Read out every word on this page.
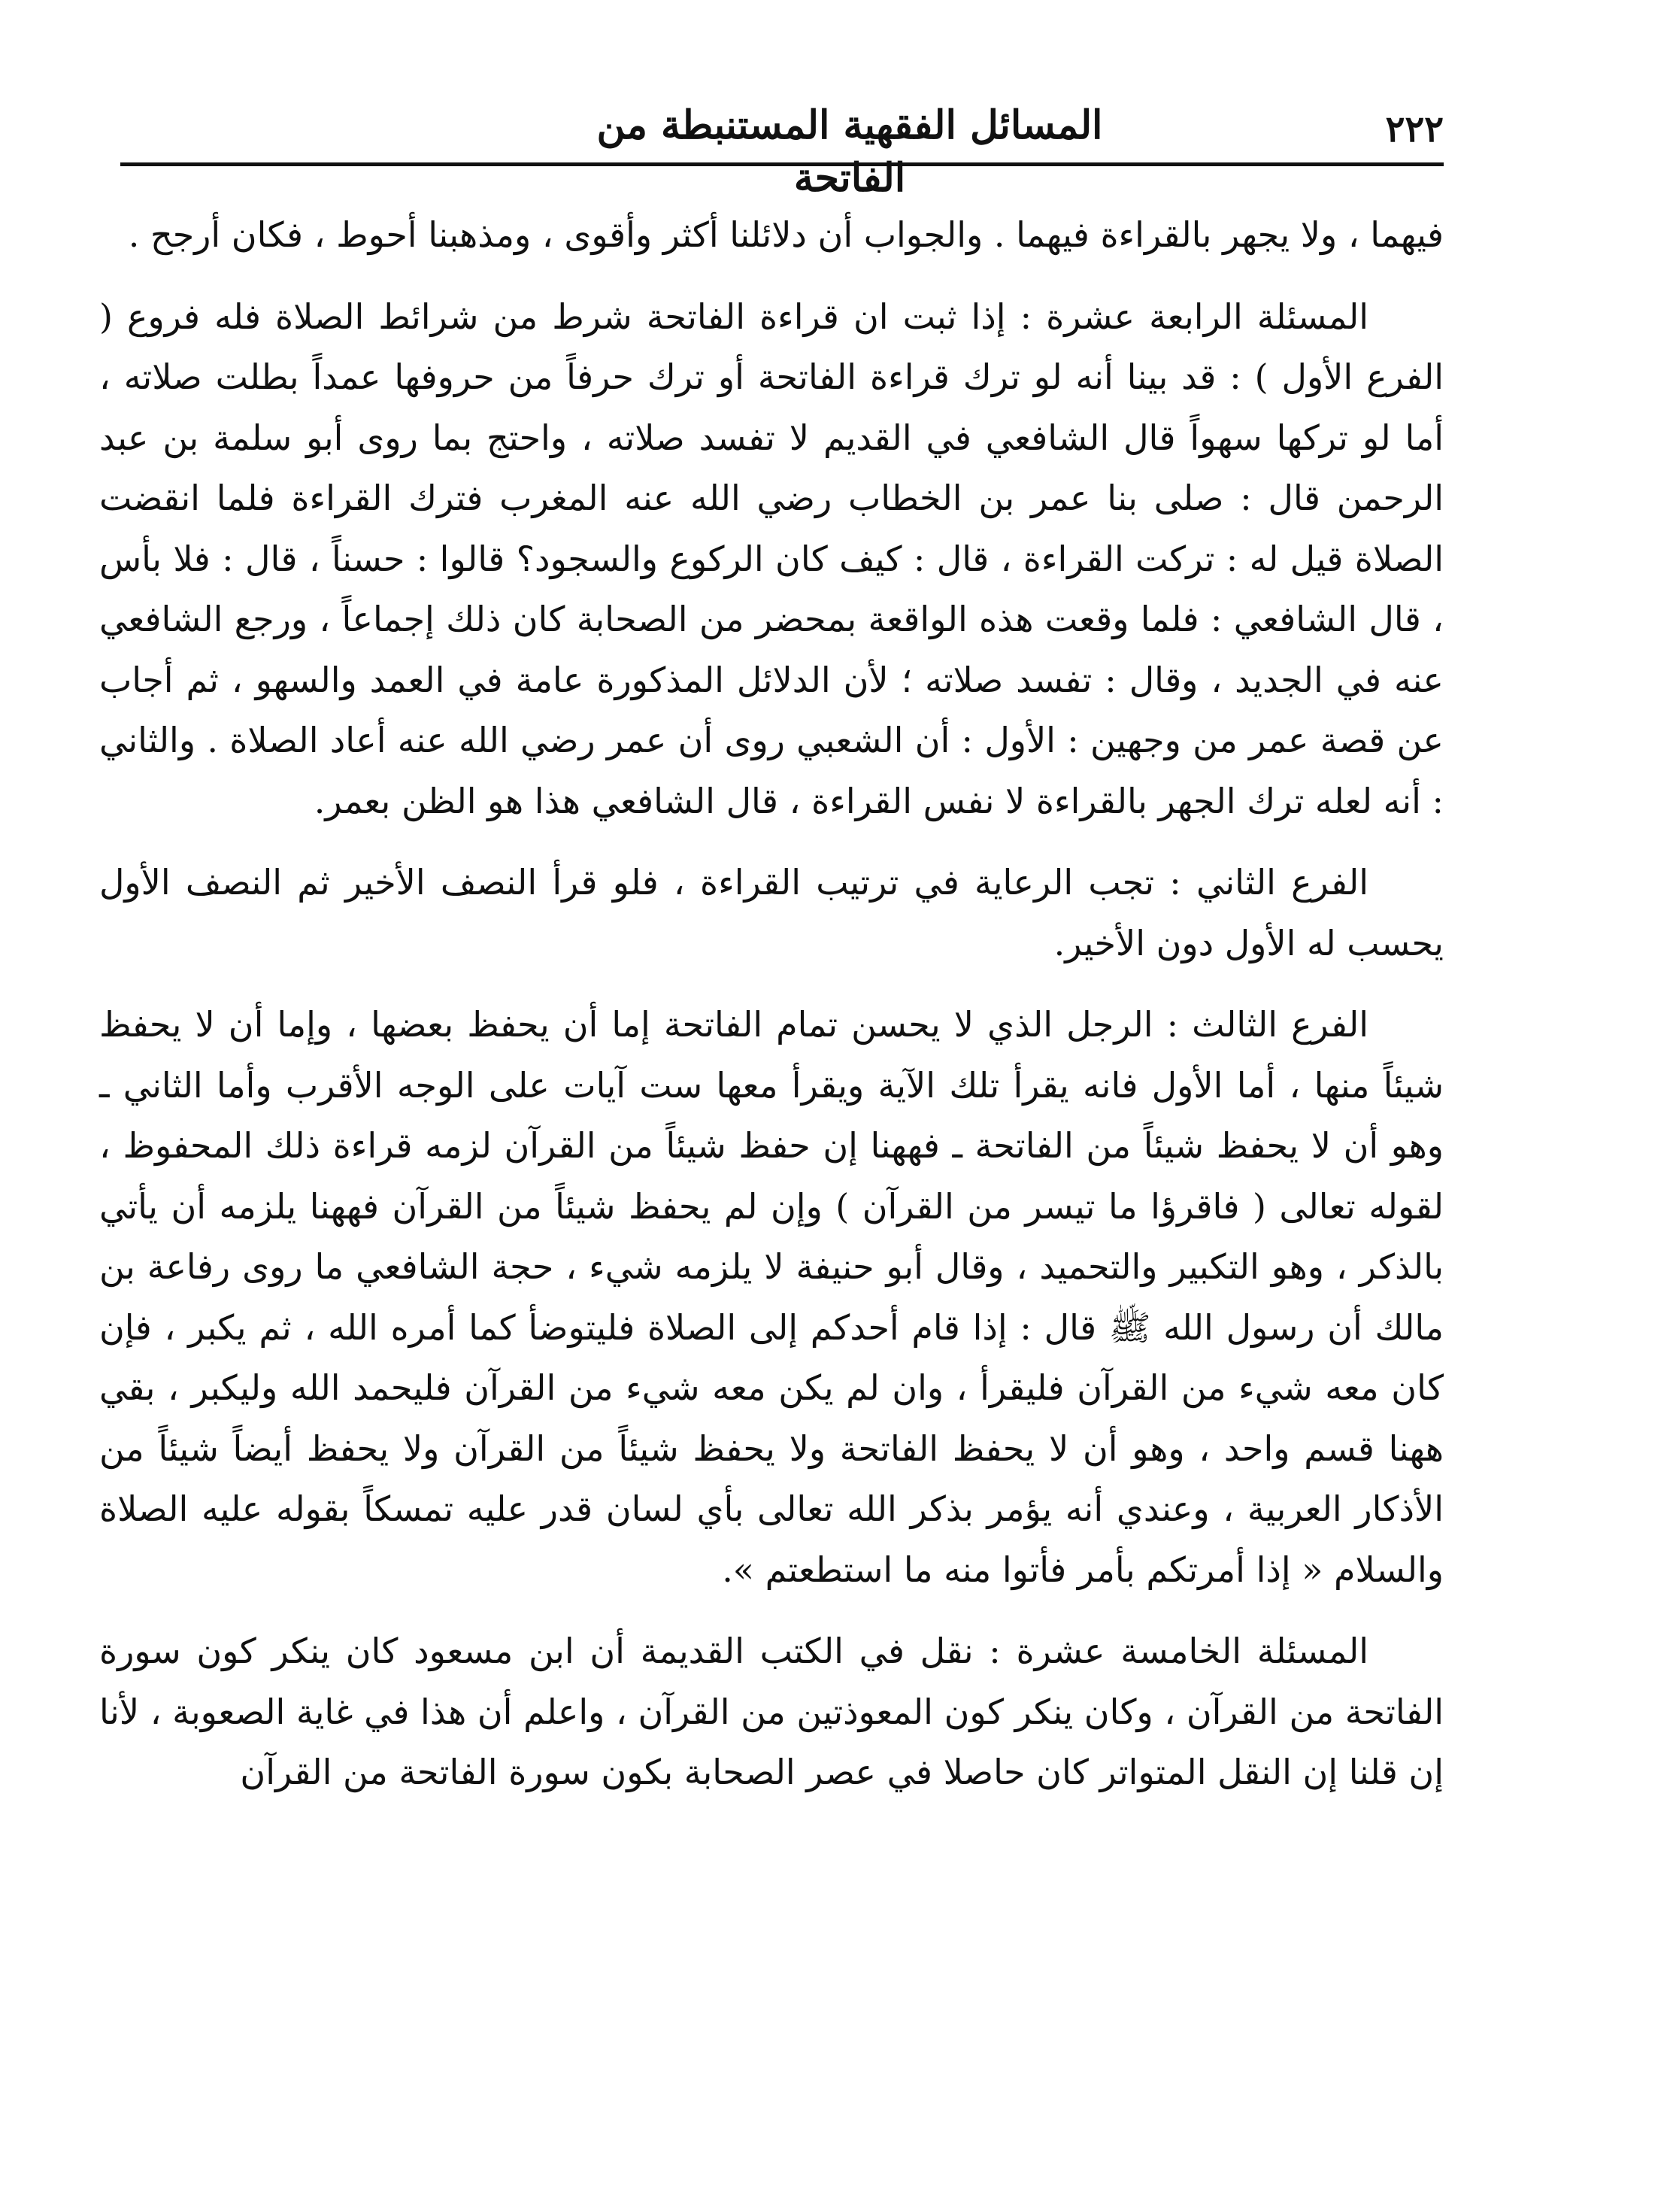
٢٢٢
المسائل الفقهية المستنبطة من الفاتحة

فيهما ، ولا يجهر بالقراءة فيهما . والجواب أن دلائلنا أكثر وأقوى ، ومذهبنا أحوط ، فكان أرجح .

المسئلة الرابعة عشرة : إذا ثبت ان قراءة الفاتحة شرط من شرائط الصلاة فله فروع ( الفرع الأول ) : قد بينا أنه لو ترك قراءة الفاتحة أو ترك حرفاً من حروفها عمداً بطلت صلاته ، أما لو تركها سهواً قال الشافعي في القديم لا تفسد صلاته ، واحتج بما روى أبو سلمة بن عبد الرحمن قال : صلى بنا عمر بن الخطاب رضي الله عنه المغرب فترك القراءة فلما انقضت الصلاة قيل له : تركت القراءة ، قال : كيف كان الركوع والسجود؟ قالوا : حسناً ، قال : فلا بأس ، قال الشافعي : فلما وقعت هذه الواقعة بمحضر من الصحابة كان ذلك إجماعاً ، ورجع الشافعي عنه في الجديد ، وقال : تفسد صلاته ؛ لأن الدلائل المذكورة عامة في العمد والسهو ، ثم أجاب عن قصة عمر من وجهين : الأول : أن الشعبي روى أن عمر رضي الله عنه أعاد الصلاة . والثاني : أنه لعله ترك الجهر بالقراءة لا نفس القراءة ، قال الشافعي هذا هو الظن بعمر.

الفرع الثاني : تجب الرعاية في ترتيب القراءة ، فلو قرأ النصف الأخير ثم النصف الأول يحسب له الأول دون الأخير.

الفرع الثالث : الرجل الذي لا يحسن تمام الفاتحة إما أن يحفظ بعضها ، وإما أن لا يحفظ شيئاً منها ، أما الأول فانه يقرأ تلك الآية ويقرأ معها ست آيات على الوجه الأقرب وأما الثاني ـ وهو أن لا يحفظ شيئاً من الفاتحة ـ فههنا إن حفظ شيئاً من القرآن لزمه قراءة ذلك المحفوظ ، لقوله تعالى ( فاقرؤا ما تيسر من القرآن ) وإن لم يحفظ شيئاً من القرآن فههنا يلزمه أن يأتي بالذكر ، وهو التكبير والتحميد ، وقال أبو حنيفة لا يلزمه شيء ، حجة الشافعي ما روى رفاعة بن مالك أن رسول الله ﷺ قال : إذا قام أحدكم إلى الصلاة فليتوضأ كما أمره الله ، ثم يكبر ، فإن كان معه شيء من القرآن فليقرأ ، وان لم يكن معه شيء من القرآن فليحمد الله وليكبر ، بقي ههنا قسم واحد ، وهو أن لا يحفظ الفاتحة ولا يحفظ شيئاً من القرآن ولا يحفظ أيضاً شيئاً من الأذكار العربية ، وعندي أنه يؤمر بذكر الله تعالى بأي لسان قدر عليه تمسكاً بقوله عليه الصلاة والسلام « إذا أمرتكم بأمر فأتوا منه ما استطعتم ».

المسئلة الخامسة عشرة : نقل في الكتب القديمة أن ابن مسعود كان ينكر كون سورة الفاتحة من القرآن ، وكان ينكر كون المعوذتين من القرآن ، واعلم أن هذا في غاية الصعوبة ، لأنا إن قلنا إن النقل المتواتر كان حاصلا في عصر الصحابة بكون سورة الفاتحة من القرآن
